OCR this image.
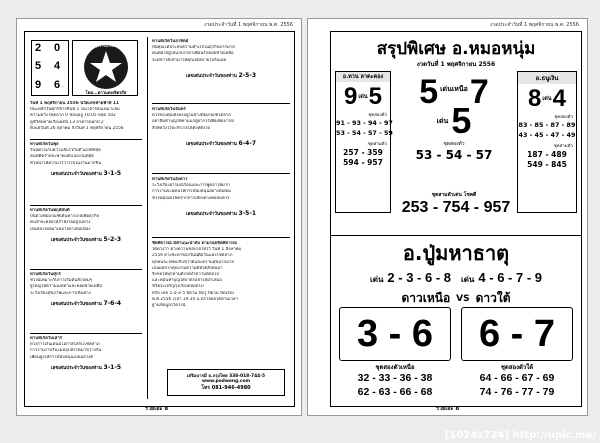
งวดประจำวันที่ 1 พฤศจิกายน พ.ศ. 2556
2 0
5 4
9 6
ซองสุวรรณเชี่ยวชาญ
โดย...ดาวแดงเจิดจรัส
วันที่ 1 พฤศจิกายน 2556 นี้วัดเลขท้ายฟ้าที่ 11
ปีนะหลักวันศุกร์ข้างขึ้นที่ 1 ในเวลาร้อนเหมาะสม
ความหวังโชคลาภ 0 ช่อนอยู่ 16:05 หลุด 502
ดูชีวิตหลายเรื่องอ็ตนิ 13 อาคารดอกปี 2
ตั้งแต่วันที่ 26 ตุลาคม ถึงวันที่ 1 พฤศจิกายน 2556
ท่านที่เกิดวันพุธ
วันนี้ควรเก็บความลับไว้กับตัวเองดีที่สุด
คนที่คิดร้ายจะพ่ายแพ้ไปเองในที่สุด
หัวหน้าให้ความไว้วางใจในงานมากขึ้น
เลขเด่นประจำวันของท่าน 3-1-5
ท่านที่เกิดวันพฤหัสบดี
ปีนี้ดวงดีมีเกณฑ์เดินทางไกลเพื่อธุรกิจ
คนรักจะคอยให้กำลังใจอยู่ไม่ห่าง
เงินทองไหลมาเทมาอย่างต่อเนื่อง
เลขเด่นประจำวันของท่าน 5-2-3
ท่านที่เกิดวันศุกร์
ช่วงนี้เหมาะกับการเริ่มต้นสิ่งใหม่ๆ
ผู้ใหญ่ให้ความเมตตาและคอยช่วยเหลือ
ระวังเรื่องสุขภาพและการเดินทาง
เลขเด่นประจำวันของท่าน 7-6-4
ท่านที่เกิดวันเสาร์
ดวงการเงินเด่นมีโอกาสได้รับโชคลาภ
การงานราบรื่นไม่มีอุปสรรคมาขวางกั้น
เพื่อนฝูงให้การสนับสนุนเป็นอย่างดี
เลขเด่นประจำวันของท่าน 3-1-5
ท่านที่เกิดวันอาทิตย์
ปีนี้คุณได้ประสบความสำเร็จในธุรกิจมากมาย
คนที่มีใจผู้ได้แก่บรรดาเพื่อนรักคอยช่วยเหลือ
จะมีข่าวดีเข้ามาให้คุณได้สบายใจกันเลย
เลขเด่นประจำวันของท่าน 2-5-3
ท่านที่เกิดวันจันทร์
ดวงของคุณยังคงอยู่ในช่วงดีมีเกณฑ์ได้ลาภ
อย่าลืมทำบุญให้ทานแก่ผู้ยากไร้เพื่อเพิ่มบารมี
สิ่งที่หวังไว้จะสำเร็จได้ดังที่ตั้งใจ
เลขเด่นประจำวันของท่าน 6-4-7
ท่านที่เกิดวันอังคาร
ระวังเรื่องอารมณ์ร้อนและการพูดจาให้มาก
การงานจะมีคนให้การสนับสนุนอย่างดีเยี่ยม
ช่วงนี้คุณมีโชคจากการเสี่ยงดวงพอสมควร
เลขเด่นประจำวันของท่าน 3-5-1
ชิตพิจารณ์ มีคำแนะนำลับ ตามรอยชิตพิจารณ์
ได้ดวงว่า ดวงความชอบใจให้ไว้ วันที่ 1 สิงหาคม
2556 ดวงชะตาของวันนี้คือวันแห่งโชคลาภ
ทุกคนจะได้พบกับข่าวดีและความสุขมากมาย
เป็นผลจากคุณงามความดีที่ได้สั่งสมมา
จึงขอให้ทุกท่านตั้งใจทำความดีต่อไป
และหมั่นทำบุญใส่บาตรอย่างสม่ำเสมอ
ชีวิตจะเจริญรุ่งเรืองตลอดไป
หรือ เลข 1-2-3-5 ปิดวน ปิดรู ปิดวน ปิดเรียง
พ.ศ.2556 เวลา 19.34 น.ตรวจผลได้ตามเวลา
ฐานข้อมูลไว้ตรงนี้
เสริมบารมี ธ.กรุงไทย 338-018-744-5
www.podwong.com
โทร 081-946-4980
รวยเละ 8
งวดประจำวันที่ 1 พฤศจิกายน พ.ศ. 2556
สรุปพิเศษ อ.หมอหนุ่ม
งวดวันที่ 1 พฤศจิกายน 2556
อ.ทวน ลาตะคอง
9 เด่น 5
ชุดสองตัว
91 - 93 - 94 - 97
53 - 54 - 57 - 59
ชุดสามตัว
257 - 359
594 - 957
5 เด่นเหนือ 7
เด่น 5
ชุดสองตัว
53 - 54 - 57
อ.ธนูเงิน
8 เด่น 4
ชุดสองตัว
83 - 85 - 87 - 89
43 - 45 - 47 - 49
ชุดสามตัว
187 - 489
549 - 845
ชุดสามตัวเด่น โชคดี
253 - 754 - 957
อ.ปู่มหาธาตุ
เด่น 2 - 3 - 6 - 8 เด่น 4 - 6 - 7 - 9
ดาวเหนือ VS ดาวใต้
3 - 6 6 - 7
ชุดสองตัวเหนือ	ชุดสองตัวใต้
32 - 33 - 36 - 38
62 - 63 - 66 - 68
64 - 66 - 67 - 69
74 - 76 - 77 - 79
รวยเละ 8
[1024x724] http://upic.me/
